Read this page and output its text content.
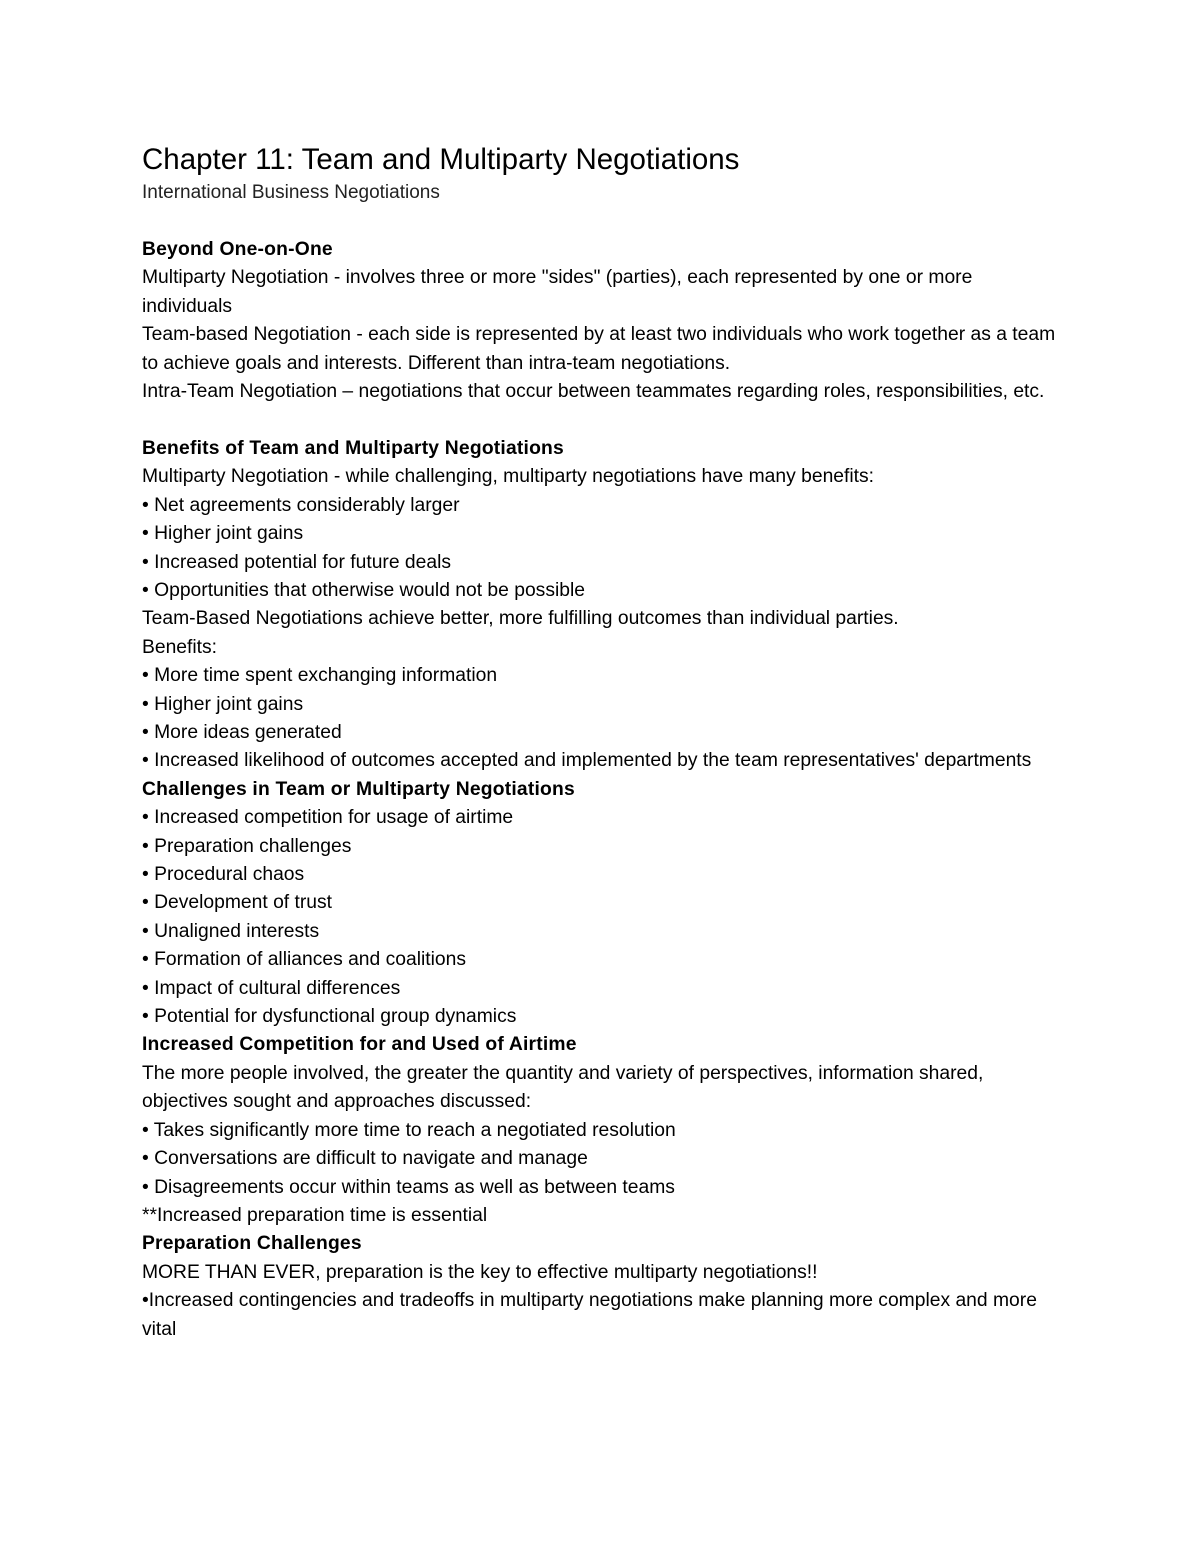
Chapter 11: Team and Multiparty Negotiations

International Business Negotiations

Beyond One-on-One

Multiparty Negotiation - involves three or more "sides" (parties), each represented by one or more individuals

Team-based Negotiation - each side is represented by at least two individuals who work together as a team to achieve goals and interests. Different than intra-team negotiations.

Intra-Team Negotiation – negotiations that occur between teammates regarding roles, responsibilities, etc.

Benefits of Team and Multiparty Negotiations

Multiparty Negotiation - while challenging, multiparty negotiations have many benefits:

• Net agreements considerably larger

• Higher joint gains

• Increased potential for future deals

• Opportunities that otherwise would not be possible

Team-Based Negotiations achieve better, more fulfilling outcomes than individual parties.

Benefits:

• More time spent exchanging information

• Higher joint gains

• More ideas generated

• Increased likelihood of outcomes accepted and implemented by the team representatives' departments

Challenges in Team or Multiparty Negotiations

• Increased competition for usage of airtime

• Preparation challenges

• Procedural chaos

• Development of trust

• Unaligned interests

• Formation of alliances and coalitions

• Impact of cultural differences

• Potential for dysfunctional group dynamics

Increased Competition for and Used of Airtime

The more people involved, the greater the quantity and variety of perspectives, information shared, objectives sought and approaches discussed:

• Takes significantly more time to reach a negotiated resolution

• Conversations are difficult to navigate and manage

• Disagreements occur within teams as well as between teams

**Increased preparation time is essential

Preparation Challenges

MORE THAN EVER, preparation is the key to effective multiparty negotiations!!

•Increased contingencies and tradeoffs in multiparty negotiations make planning more complex and more vital
